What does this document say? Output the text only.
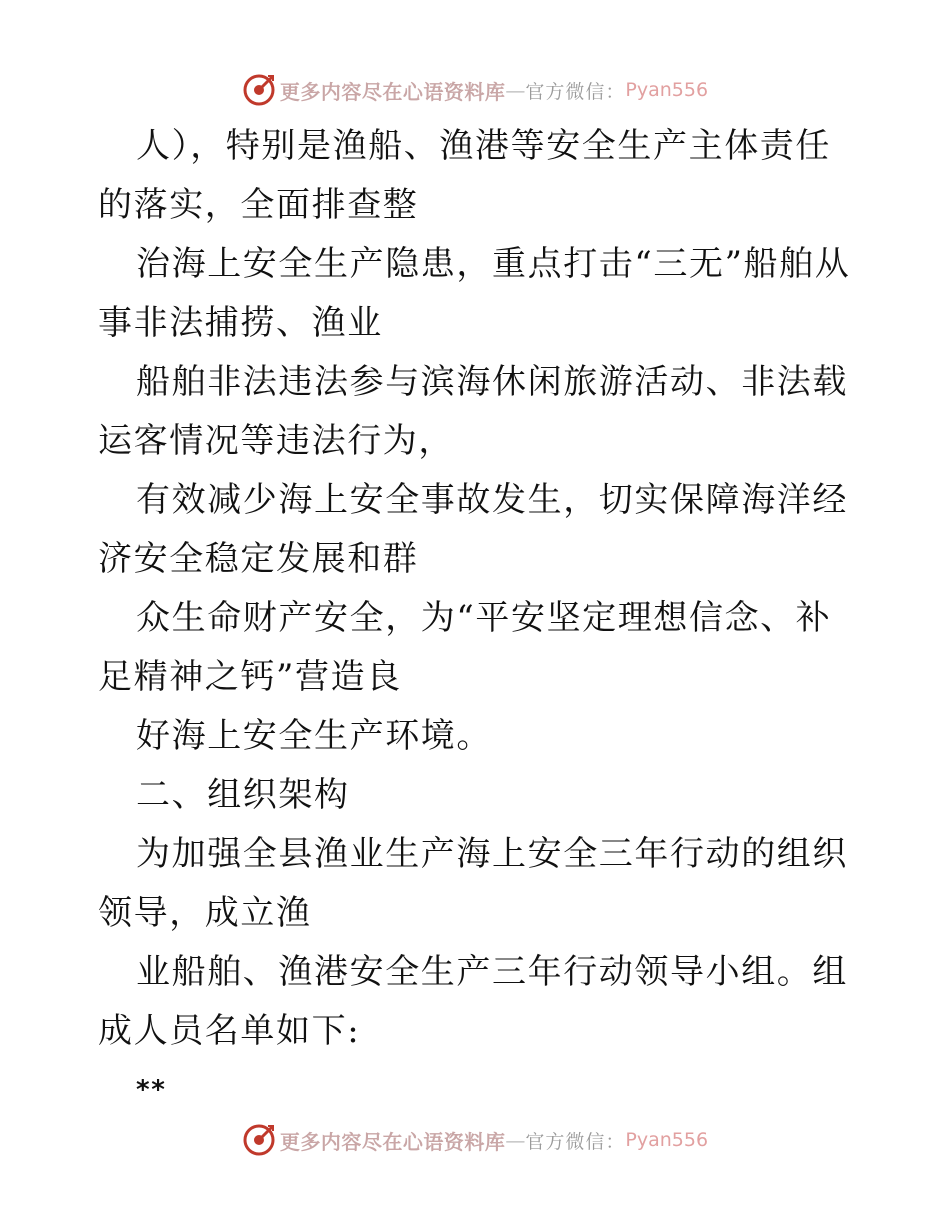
更多内容尽在心语资料库 — 官方微信： Pyan556

人），特别是渔船、渔港等安全生产主体责任的落实，全面排查整

治海上安全生产隐患，重点打击“三无”船舶从事非法捕捞、渔业

船舶非法违法参与滨海休闲旅游活动、非法载运客情况等违法行为，

有效减少海上安全事故发生，切实保障海洋经济安全稳定发展和群

众生命财产安全，为“平安坚定理想信念、补足精神之钙”营造良

好海上安全生产环境。

二、组织架构

为加强全县渔业生产海上安全三年行动的组织领导，成立渔

业船舶、渔港安全生产三年行动领导小组。组成人员名单如下:

**

更多内容尽在心语资料库 — 官方微信： Pyan556
